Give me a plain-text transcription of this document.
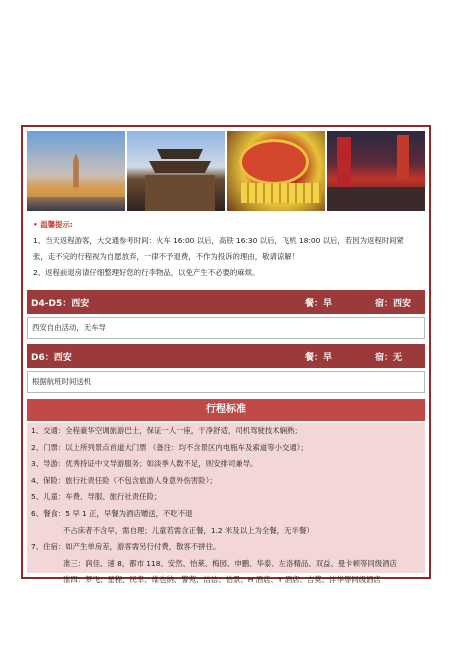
• 温馨提示:
1、当天返程游客，大交通参考时间：火车 16:00 以后，高铁 16:30 以后，飞机 18:00 以后，若因为返程时间紧
张，走不完的行程视为自愿放弃，一律不予退费，不作为投诉的理由，敬请谅解！
2、返程前退房请仔细整理好您的行李物品，以免产生不必要的麻烦。
D4-D5：西安	餐：早	宿：西安
西安自由活动，无车导
D6：西安	餐：早	宿：无
根据航班时间送机
行程标准
1、交通：全程豪华空调旅游巴士，保证一人一座，干净舒适，司机驾驶技术娴熟；
2、门票：以上所列景点首道大门票 （备注：均不含景区内电瓶车及索道等小交通）；
3、导游：优秀持证中文导游服务；如淡季人数不足，则安排司兼导。
4、保险：旅行社责任险（不包含旅游人身意外伤害险）；
5、儿童：车费、导服、旅行社责任险；
6、餐食：5 早 1 正，早餐为酒店赠送，不吃不退
不占床者不含早，需自理；儿童若需含正餐，1.2 米及以上为全餐，无半餐）
7、住宿：如产生单房差，游客需另行付费，散客不拼住。
准三：润佳、速 8、都市 118、安然、怡莱、梅园、申鹏、华泰、左洛精品、双益、曼卡顿等同级酒店
准四：梦飞、星程、民幸、维也纳、警苑、洁洁、怡景、H 酒店、Y 酒店、吉莫、沣华等同级酒店
